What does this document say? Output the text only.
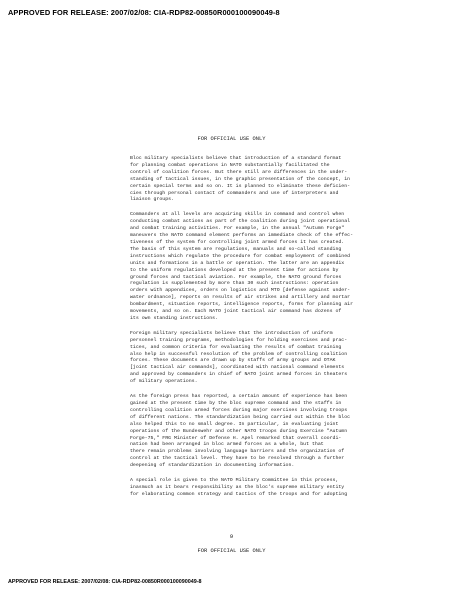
APPROVED FOR RELEASE: 2007/02/08: CIA-RDP82-00850R000100090049-8
FOR OFFICIAL USE ONLY
Bloc military specialists believe that introduction of a standard format
for planning combat operations in NATO substantially facilitated the
control of coalition forces. But there still are differences in the under-
standing of tactical issues, in the graphic presentation of the concept, in
certain special terms and so on. It is planned to eliminate these deficien-
cies through personal contact of commanders and use of interpreters and
liaison groups.
Commanders at all levels are acquiring skills in command and control when
conducting combat actions as part of the coalition during joint operational
and combat training activities. For example, in the annual "Autumn Forge"
maneuvers the NATO command element performs an immediate check of the effec-
tiveness of the system for controlling joint armed forces it has created.
The basis of this system are regulations, manuals and so-called standing
instructions which regulate the procedure for combat employment of combined
units and formations in a battle or operation. The latter are an appendix
to the uniform regulations developed at the present time for actions by
ground forces and tactical aviation. For example, the NATO ground forces
regulation is supplemented by more than 30 such instructions: operation
orders with appendices, orders on logistics and MTO [defense against under-
water ordnance], reports on results of air strikes and artillery and mortar
bombardment, situation reports, intelligence reports, forms for planning air
movements, and so on. Each NATO joint tactical air command has dozens of
its own standing instructions.
Foreign military specialists believe that the introduction of uniform
personnel training programs, methodologies for holding exercises and prac-
tices, and common criteria for evaluating the results of combat training
also help in successful resolution of the problem of controlling coalition
forces. These documents are drawn up by staffs of army groups and OTAK
[joint tactical air commands], coordinated with national command elements
and approved by commanders in chief of NATO joint armed forces in theaters
of military operations.
As the foreign press has reported, a certain amount of experience has been
gained at the present time by the bloc supreme command and the staffs in
controlling coalition armed forces during major exercises involving troops
of different nations. The standardization being carried out within the bloc
also helped this to no small degree. In particular, in evaluating joint
operations of the Bundeswehr and other NATO troops during Exercise "Autumn
Forge-75," FRG Minister of Defense H. Apel remarked that overall coordi-
nation had been arranged in bloc armed forces as a whole, but that
there remain problems involving language barriers and the organization of
control at the tactical level. They have to be resolved through a further
deepening of standardization in documenting information.
A special role is given to the NATO Military Committee in this process,
inasmuch as it bears responsibility as the bloc's supreme military entity
for elaborating common strategy and tactics of the troops and for adopting
9
FOR OFFICIAL USE ONLY
APPROVED FOR RELEASE: 2007/02/08: CIA-RDP82-00850R000100090049-8
